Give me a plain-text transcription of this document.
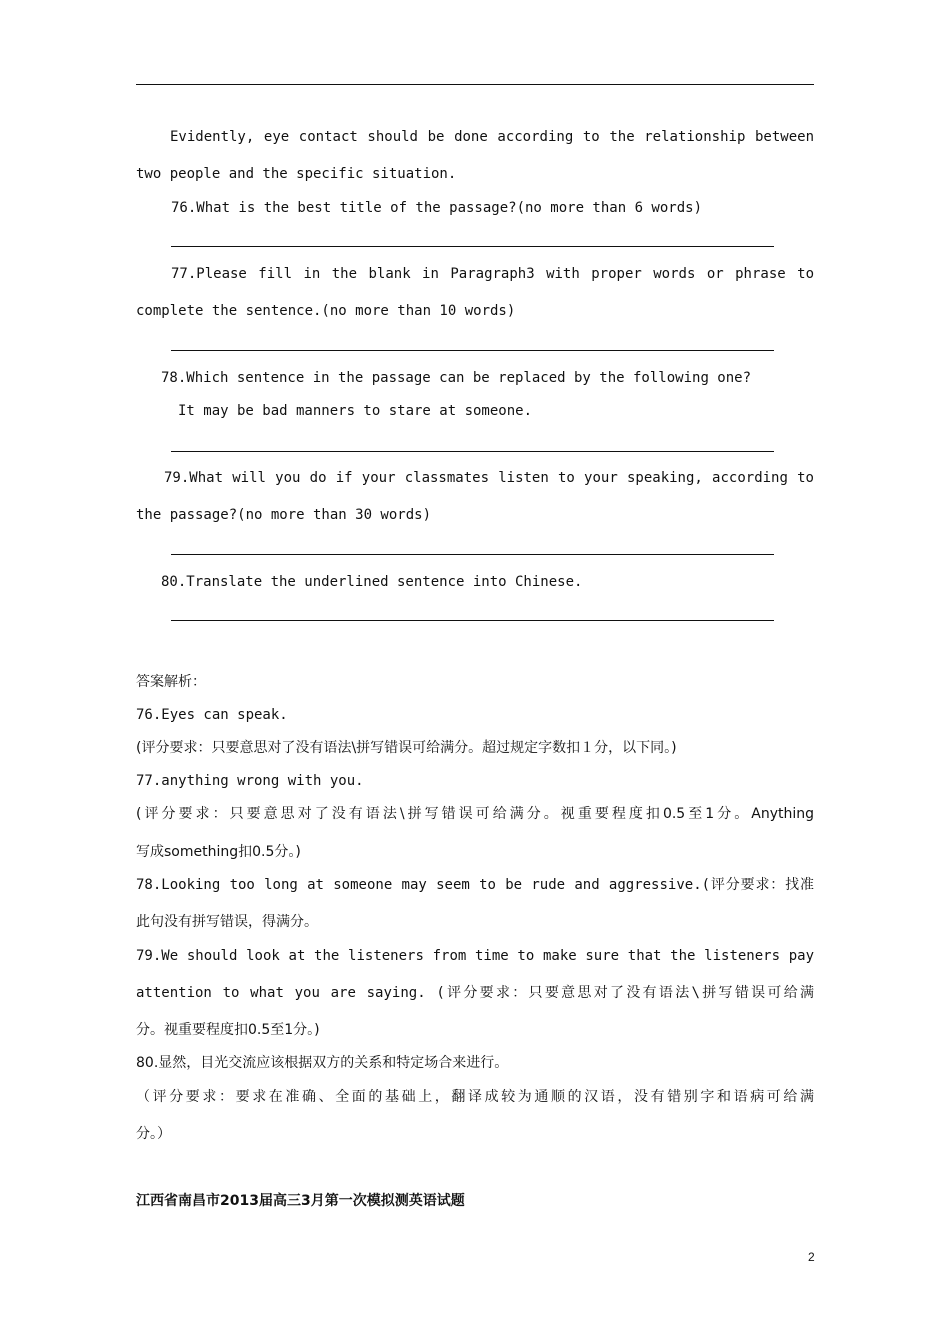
Evidently, eye contact should be done according to the relationship between
two people and the specific situation.
76.What is the best title of the passage?(no more than 6 words)
77.Please fill in the blank in Paragraph3 with proper words or phrase to
complete the sentence.(no more than 10 words)
78.Which sentence in the passage can be replaced by the following one?
It may be bad manners to stare at someone.
79.What will you do if your classmates listen to your speaking, according to
the passage?(no more than 30 words)
80.Translate the underlined sentence into Chinese.
答案解析：
76.Eyes can speak.
(评分要求：只要意思对了没有语法\拼写错误可给满分。超过规定字数扣１分，以下同。)
77.anything wrong with you.
(评分要求：只要意思对了没有语法\拼写错误可给满分。视重要程度扣0.5至1分。Anything
写成something扣0.5分。)
78.Looking too long at someone may seem to be rude and aggressive.(评分要求：找准
此句没有拼写错误，得满分。
79.We should look at the listeners from time to make sure that the listeners pay
attention to what you are saying. (评分要求：只要意思对了没有语法\拼写错误可给满
分。视重要程度扣0.5至1分。)
80.显然，目光交流应该根据双方的关系和特定场合来进行。
（评分要求：要求在准确、全面的基础上，翻译成较为通顺的汉语，没有错别字和语病可给满
分。）
江西省南昌市2013届高三3月第一次模拟测英语试题
2
